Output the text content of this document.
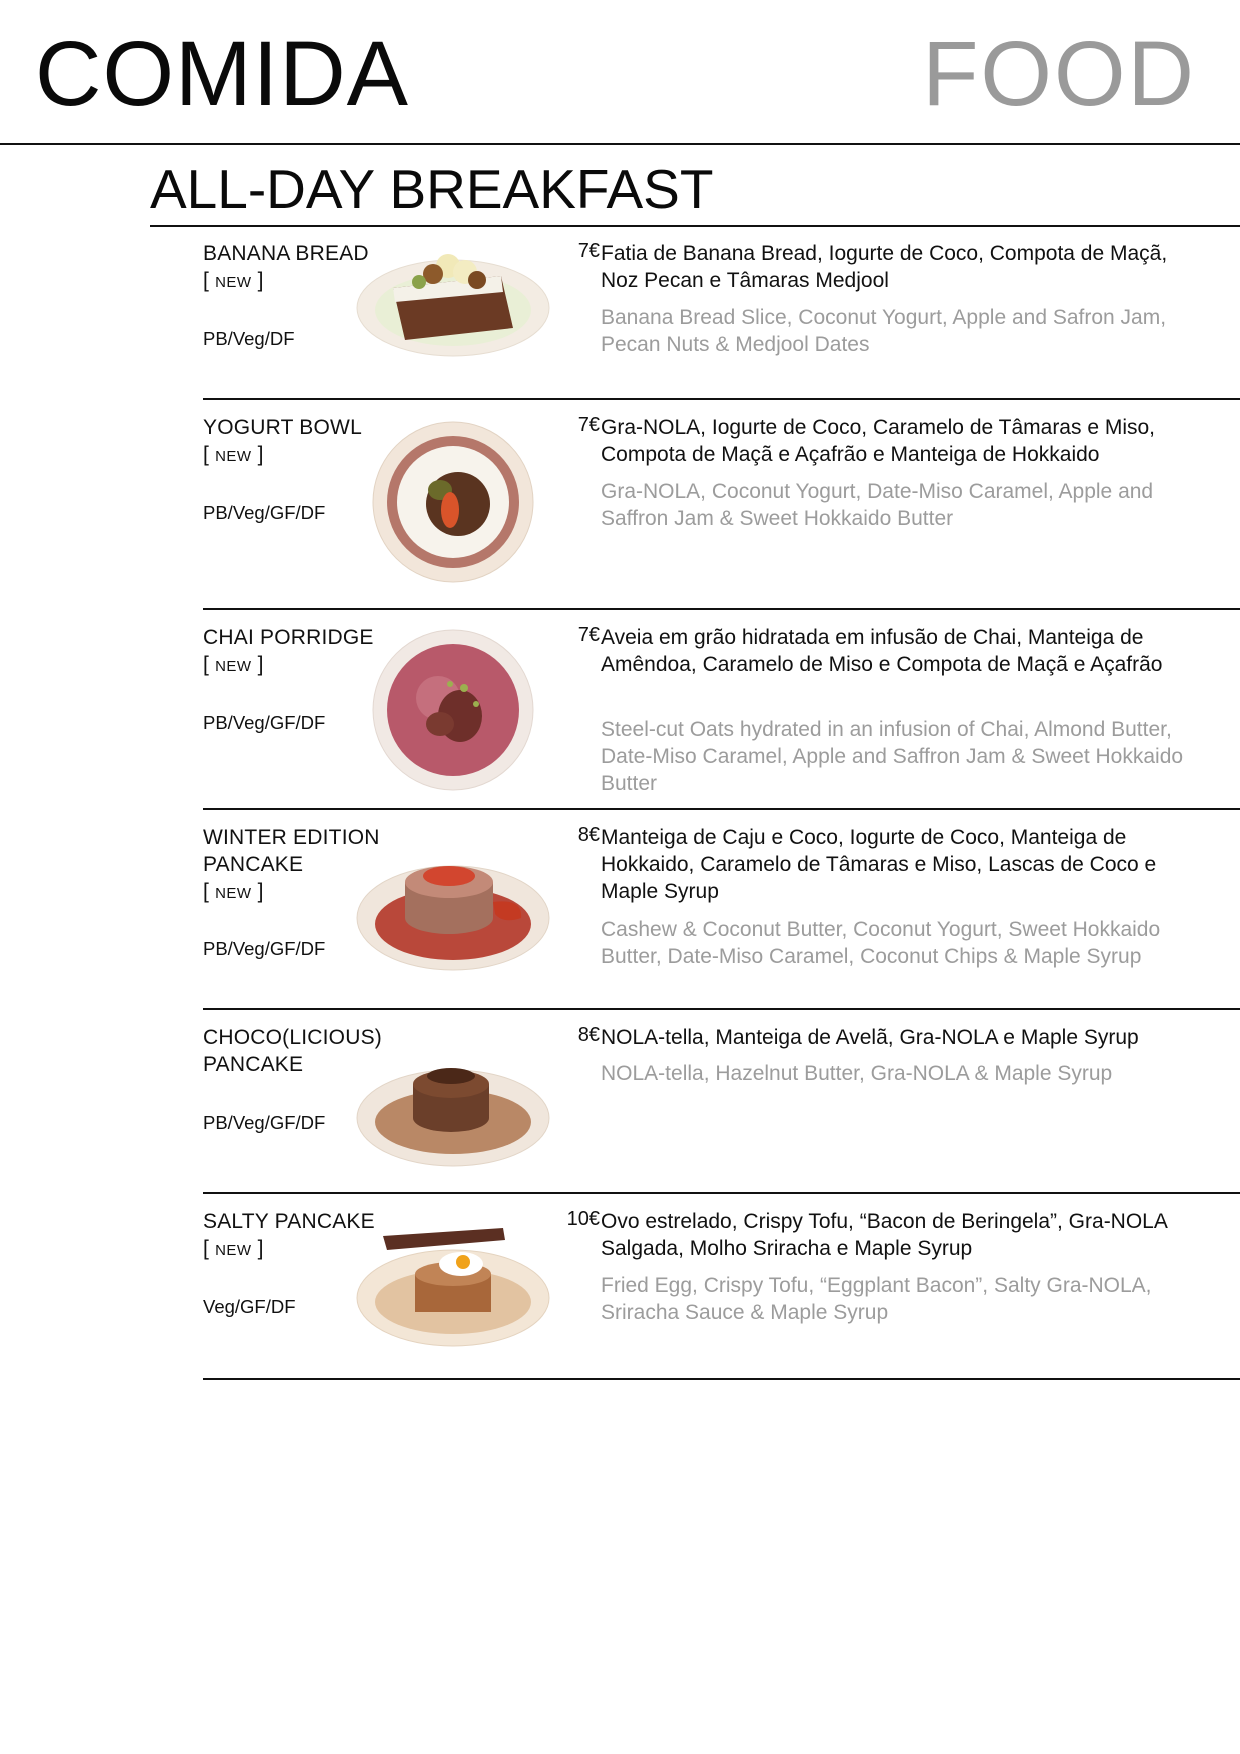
COMIDA	FOOD
ALL-DAY BREAKFAST
BANANA BREAD
[ NEW ]
PB/Veg/DF
7€ Fatia de Banana Bread, Iogurte de Coco, Compota de Maçã, Noz Pecan e Tâmaras Medjool
Banana Bread Slice, Coconut Yogurt, Apple and Safron Jam, Pecan Nuts & Medjool Dates
YOGURT BOWL
[ NEW ]
PB/Veg/GF/DF
7€ Gra-NOLA, Iogurte de Coco, Caramelo de Tâmaras e Miso, Compota de Maçã e Açafrão e Manteiga de Hokkaido
Gra-NOLA, Coconut Yogurt, Date-Miso Caramel, Apple and Saffron Jam & Sweet Hokkaido Butter
CHAI PORRIDGE
[ NEW ]
PB/Veg/GF/DF
7€ Aveia em grão hidratada em infusão de Chai, Manteiga de Amêndoa, Caramelo de Miso e Compota de Maçã e Açafrão
Steel-cut Oats hydrated in an infusion of Chai, Almond Butter, Date-Miso Caramel, Apple and Saffron Jam & Sweet Hokkaido Butter
WINTER EDITION PANCAKE
[ NEW ]
PB/Veg/GF/DF
8€ Manteiga de Caju e Coco, Iogurte de Coco, Manteiga de Hokkaido, Caramelo de Tâmaras e Miso, Lascas de Coco e Maple Syrup
Cashew & Coconut Butter, Coconut Yogurt, Sweet Hokkaido Butter, Date-Miso Caramel, Coconut Chips & Maple Syrup
CHOCO(LICIOUS) PANCAKE
PB/Veg/GF/DF
8€ NOLA-tella, Manteiga de Avelã, Gra-NOLA e Maple Syrup
NOLA-tella, Hazelnut Butter, Gra-NOLA & Maple Syrup
SALTY PANCAKE
[ NEW ]
Veg/GF/DF
10€ Ovo estrelado, Crispy Tofu, “Bacon de Beringela”, Gra-NOLA Salgada, Molho Sriracha e Maple Syrup
Fried Egg, Crispy Tofu, “Eggplant Bacon”, Salty Gra-NOLA, Sriracha Sauce & Maple Syrup
